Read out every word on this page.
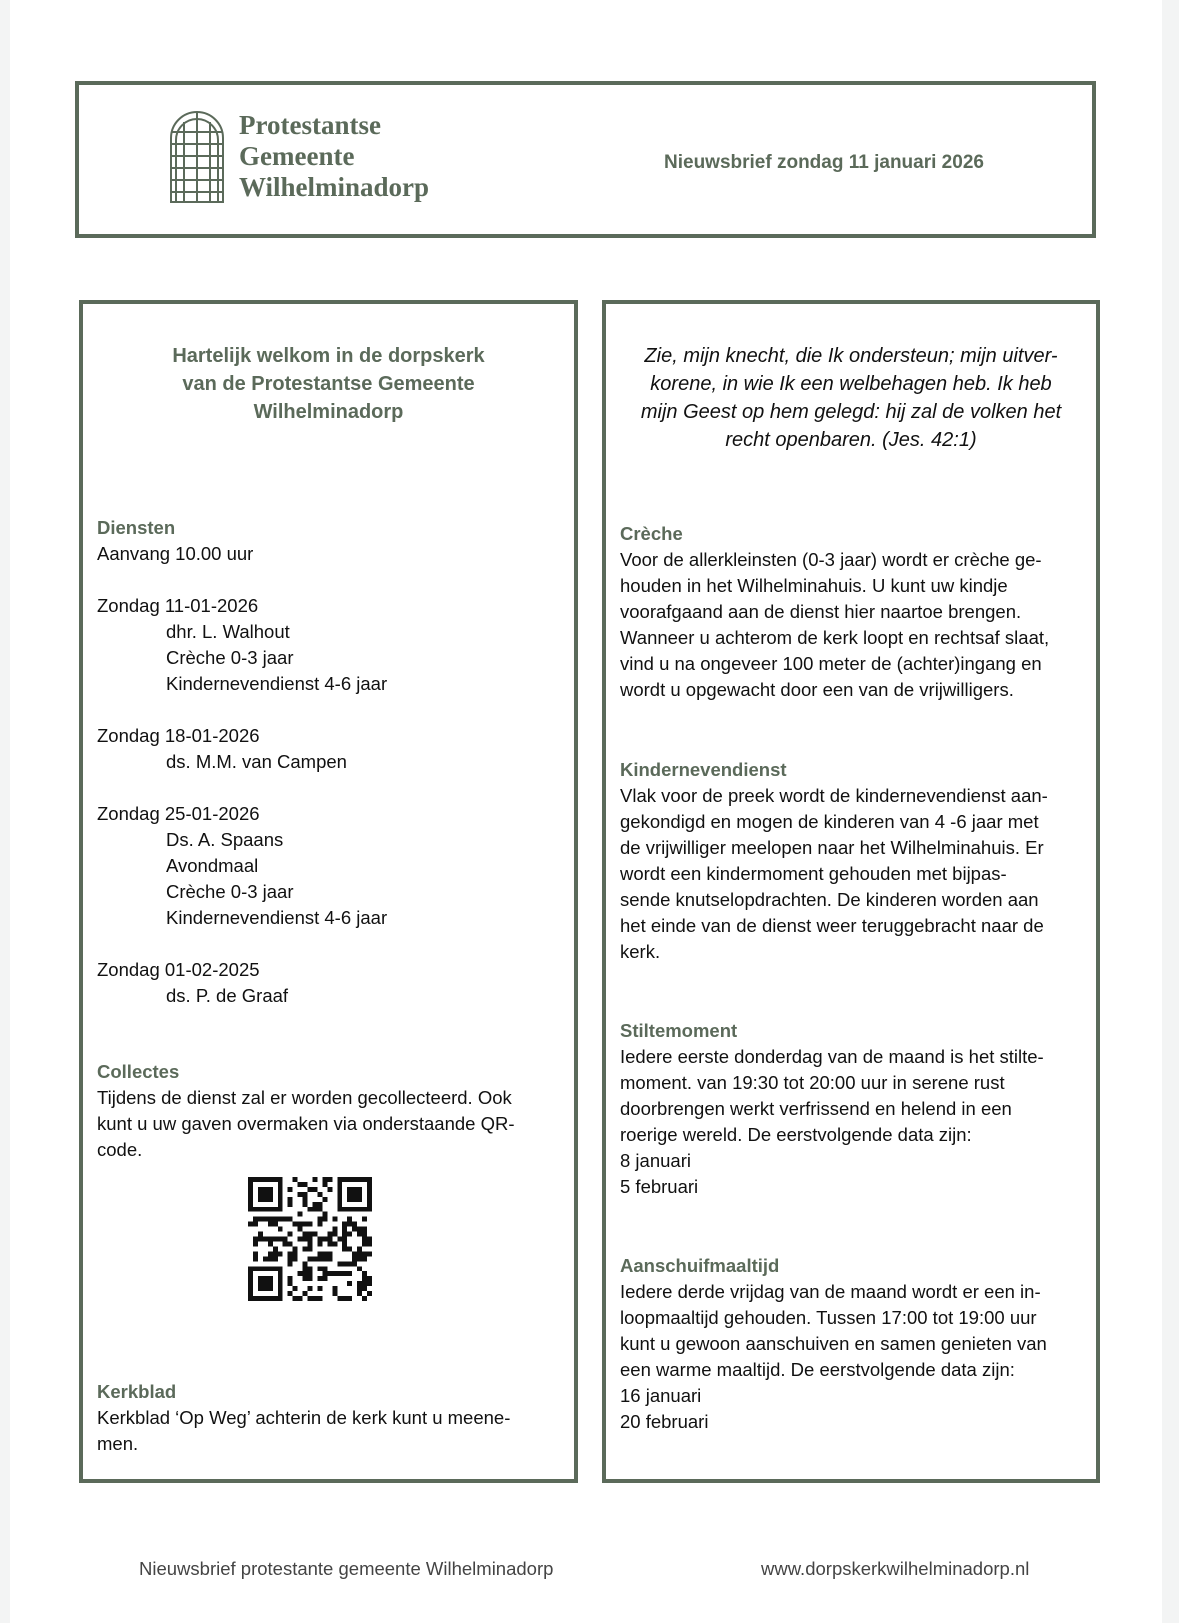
Protestantse
Gemeente
Wilhelminadorp
Nieuwsbrief zondag 11 januari 2026
Hartelijk welkom in de dorpskerk
van de Protestantse Gemeente
Wilhelminadorp
Diensten
Aanvang 10.00 uur
Zondag 11-01-2026
dhr. L. Walhout
Crèche 0-3 jaar
Kindernevendienst 4-6 jaar
Zondag 18-01-2026
ds. M.M. van Campen
Zondag 25-01-2026
Ds. A. Spaans
Avondmaal
Crèche 0-3 jaar
Kindernevendienst 4-6 jaar
Zondag 01-02-2025
ds. P. de Graaf
Collectes
Tijdens de dienst zal er worden gecollecteerd. Ook
kunt u uw gaven overmaken via onderstaande QR-
code.
Kerkblad
Kerkblad ‘Op Weg’ achterin de kerk kunt u meene-
men.
Zie, mijn knecht, die Ik ondersteun; mijn uitver-
korene, in wie Ik een welbehagen heb. Ik heb
mijn Geest op hem gelegd: hij zal de volken het
recht openbaren. (Jes. 42:1)
Crèche
Voor de allerkleinsten (0-3 jaar) wordt er crèche ge-
houden in het Wilhelminahuis. U kunt uw kindje
voorafgaand aan de dienst hier naartoe brengen.
Wanneer u achterom de kerk loopt en rechtsaf slaat,
vind u na ongeveer 100 meter de (achter)ingang en
wordt u opgewacht door een van de vrijwilligers.
Kindernevendienst
Vlak voor de preek wordt de kindernevendienst aan-
gekondigd en mogen de kinderen van 4 -6 jaar met
de vrijwilliger meelopen naar het Wilhelminahuis. Er
wordt een kindermoment gehouden met bijpas-
sende knutselopdrachten. De kinderen worden aan
het einde van de dienst weer teruggebracht naar de
kerk.
Stiltemoment
Iedere eerste donderdag van de maand is het stilte-
moment. van 19:30 tot 20:00 uur in serene rust
doorbrengen werkt verfrissend en helend in een
roerige wereld. De eerstvolgende data zijn:
8 januari
5 februari
Aanschuifmaaltijd
Iedere derde vrijdag van de maand wordt er een in-
loopmaaltijd gehouden. Tussen 17:00 tot 19:00 uur
kunt u gewoon aanschuiven en samen genieten van
een warme maaltijd. De eerstvolgende data zijn:
16 januari
20 februari
Nieuwsbrief protestante gemeente Wilhelminadorp	www.dorpskerkwilhelminadorp.nl
